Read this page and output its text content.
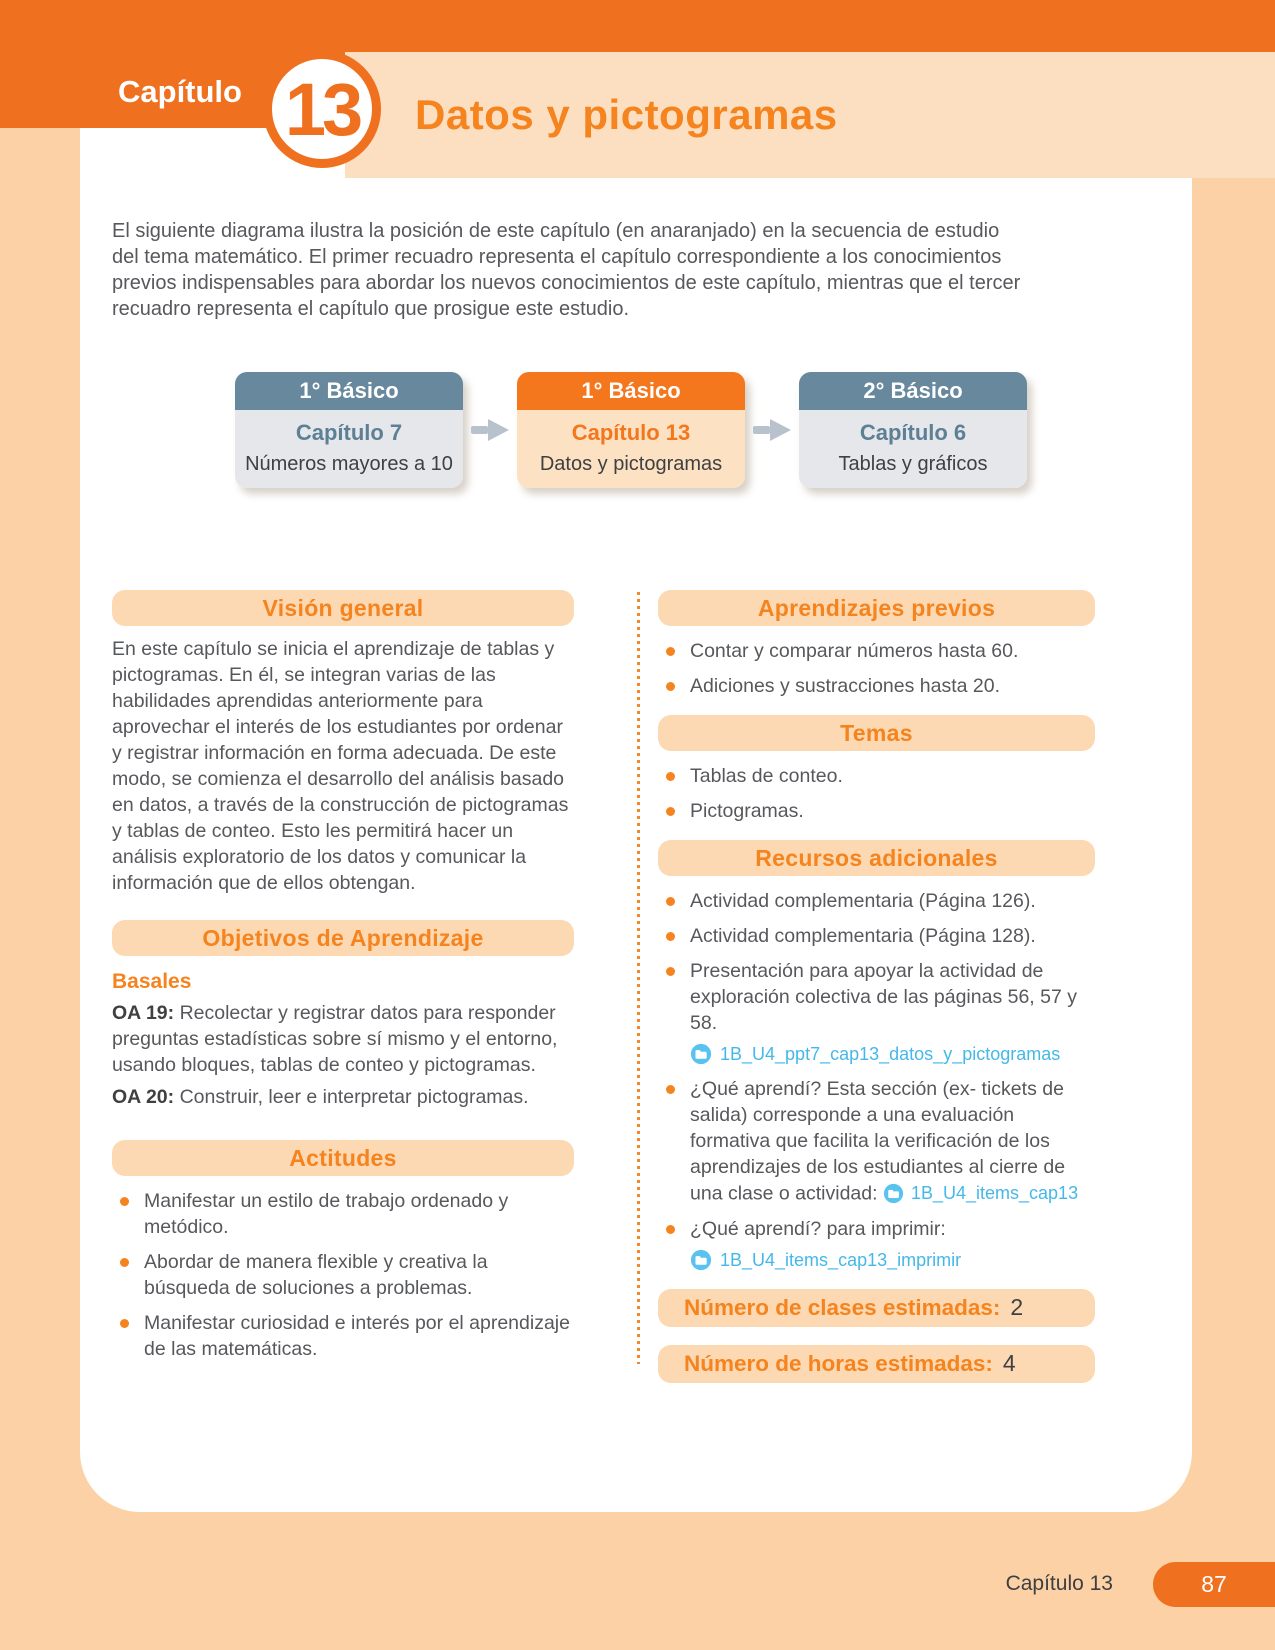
Datos y pictogramas
Capítulo 13

El siguiente diagrama ilustra la posición de este capítulo (en anaranjado) en la secuencia de estudio del tema matemático. El primer recuadro representa el capítulo correspondiente a los conocimientos previos indispensables para abordar los nuevos conocimientos de este capítulo, mientras que el tercer recuadro representa el capítulo que prosigue este estudio.

1° Básico
Capítulo 7
Números mayores a 10
1° Básico
Capítulo 13
Datos y pictogramas
2° Básico
Capítulo 6
Tablas y gráficos
Visión general

En este capítulo se inicia el aprendizaje de tablas y pictogramas. En él, se integran varias de las habilidades aprendidas anteriormente para aprovechar el interés de los estudiantes por ordenar y registrar información en forma adecuada. De este modo, se comienza el desarrollo del análisis basado en datos, a través de la construcción de pictogramas y tablas de conteo. Esto les permitirá hacer un análisis exploratorio de los datos y comunicar la información que de ellos obtengan.

Objetivos de Aprendizaje
Basales

OA 19: Recolectar y registrar datos para responder preguntas estadísticas sobre sí mismo y el entorno, usando bloques, tablas de conteo y pictogramas.

OA 20: Construir, leer e interpretar pictogramas.

Actitudes
Manifestar un estilo de trabajo ordenado y metódico.
Abordar de manera flexible y creativa la búsqueda de soluciones a problemas.
Manifestar curiosidad e interés por el aprendizaje de las matemáticas.
Aprendizajes previos
Contar y comparar números hasta 60.
Adiciones y sustracciones hasta 20.
Temas
Tablas de conteo.
Pictogramas.
Recursos adicionales
Actividad complementaria (Página 126).
Actividad complementaria (Página 128).
Presentación para apoyar la actividad de exploración colectiva de las páginas 56, 57 y 58.
1B_U4_ppt7_cap13_datos_y_pictogramas
¿Qué aprendí? Esta sección (ex- tickets de salida) corresponde a una evaluación formativa que facilita la verificación de los aprendizajes de los estudiantes al cierre de una clase o actividad: 1B_U4_items_cap13
¿Qué aprendí? para imprimir:
1B_U4_items_cap13_imprimir
Número de clases estimadas: 2
Número de horas estimadas: 4
Capítulo 13	87
